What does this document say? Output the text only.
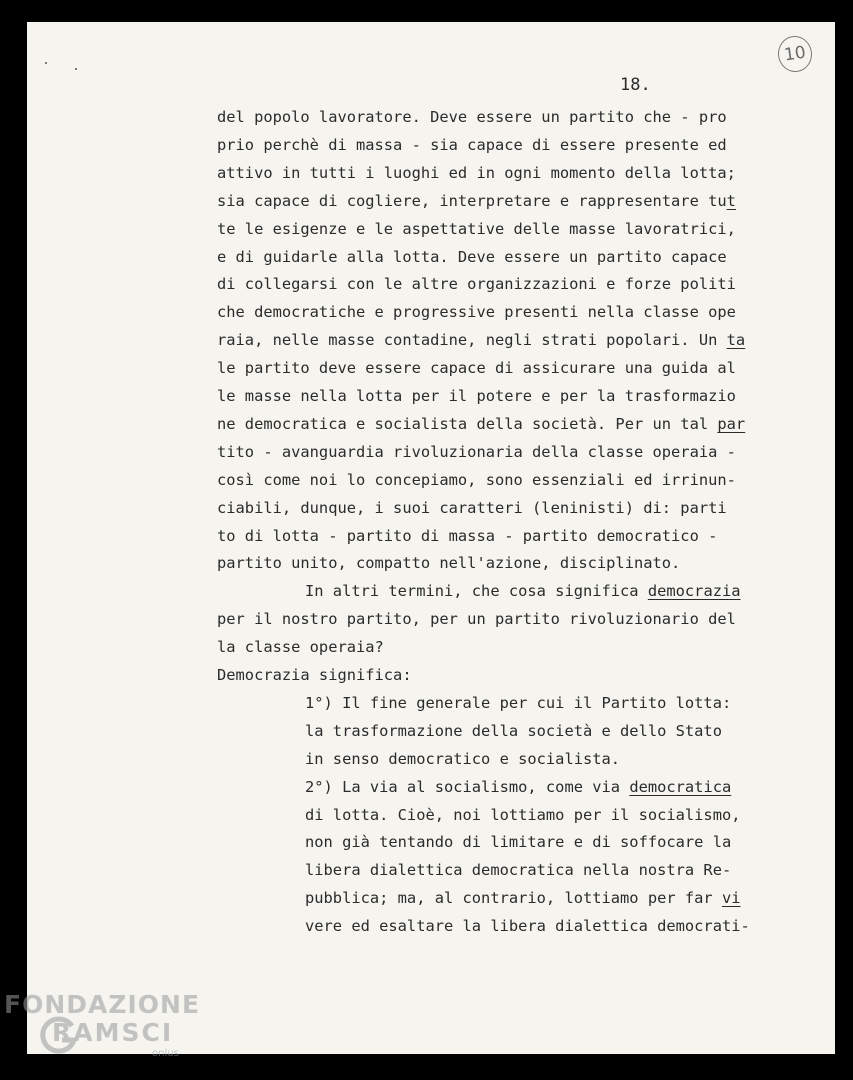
18.
10
del popolo lavoratore. Deve essere un partito che - pro
prio perchè di massa - sia capace di essere presente ed
attivo in tutti i luoghi ed in ogni momento della lotta;
sia capace di cogliere, interpretare e rappresentare tut
te le esigenze e le aspettative delle masse lavoratrici,
e di guidarle alla lotta. Deve essere un partito capace
di collegarsi con le altre organizzazioni e forze politi
che democratiche e progressive presenti nella classe ope
raia, nelle masse contadine, negli strati popolari. Un ta
le partito deve essere capace di assicurare una guida al
le masse nella lotta per il potere e per la trasformazio
ne democratica e socialista della società. Per un tal par
tito - avanguardia rivoluzionaria della classe operaia -
così come noi lo concepiamo, sono essenziali ed irrinun-
ciabili, dunque, i suoi caratteri (leninisti) di: parti
to di lotta - partito di massa - partito democratico -
partito unito, compatto nell'azione, disciplinato.
In altri termini, che cosa significa democrazia
per il nostro partito, per un partito rivoluzionario del
la classe operaia?
Democrazia significa:
1°) Il fine generale per cui il Partito lotta:
la trasformazione della società e dello Stato
in senso democratico e socialista.
2°) La via al socialismo, come via democratica
di lotta. Cioè, noi lottiamo per il socialismo,
non già tentando di limitare e di soffocare la
libera dialettica democratica nella nostra Re-
pubblica; ma, al contrario, lottiamo per far vi
vere ed esaltare la libera dialettica democrati-
FONDAZIONE
RAMSCI
onlus
